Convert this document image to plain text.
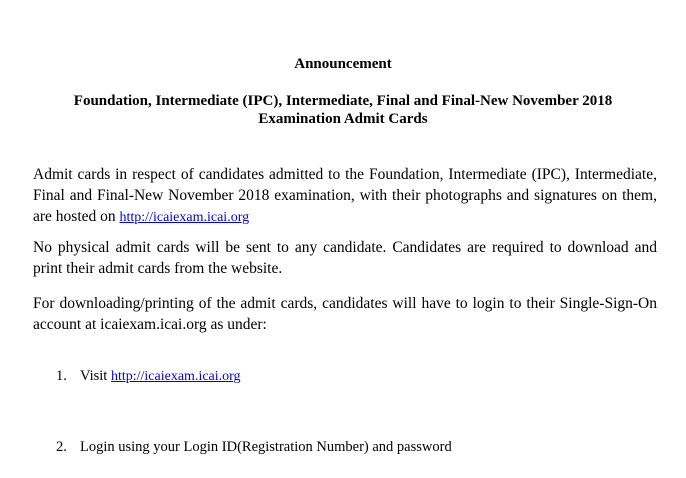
Announcement
Foundation, Intermediate (IPC), Intermediate, Final and Final-New November 2018
Examination Admit Cards
Admit cards in respect of candidates admitted to the Foundation, Intermediate (IPC), Intermediate, Final and Final-New November 2018 examination, with their photographs and signatures on them, are hosted on http://icaiexam.icai.org
No physical admit cards will be sent to any candidate. Candidates are required to download and print their admit cards from the website.
For downloading/printing of the admit cards, candidates will have to login to their Single-Sign-On account at icaiexam.icai.org as under:
1. Visit http://icaiexam.icai.org
2. Login using your Login ID(Registration Number) and password
